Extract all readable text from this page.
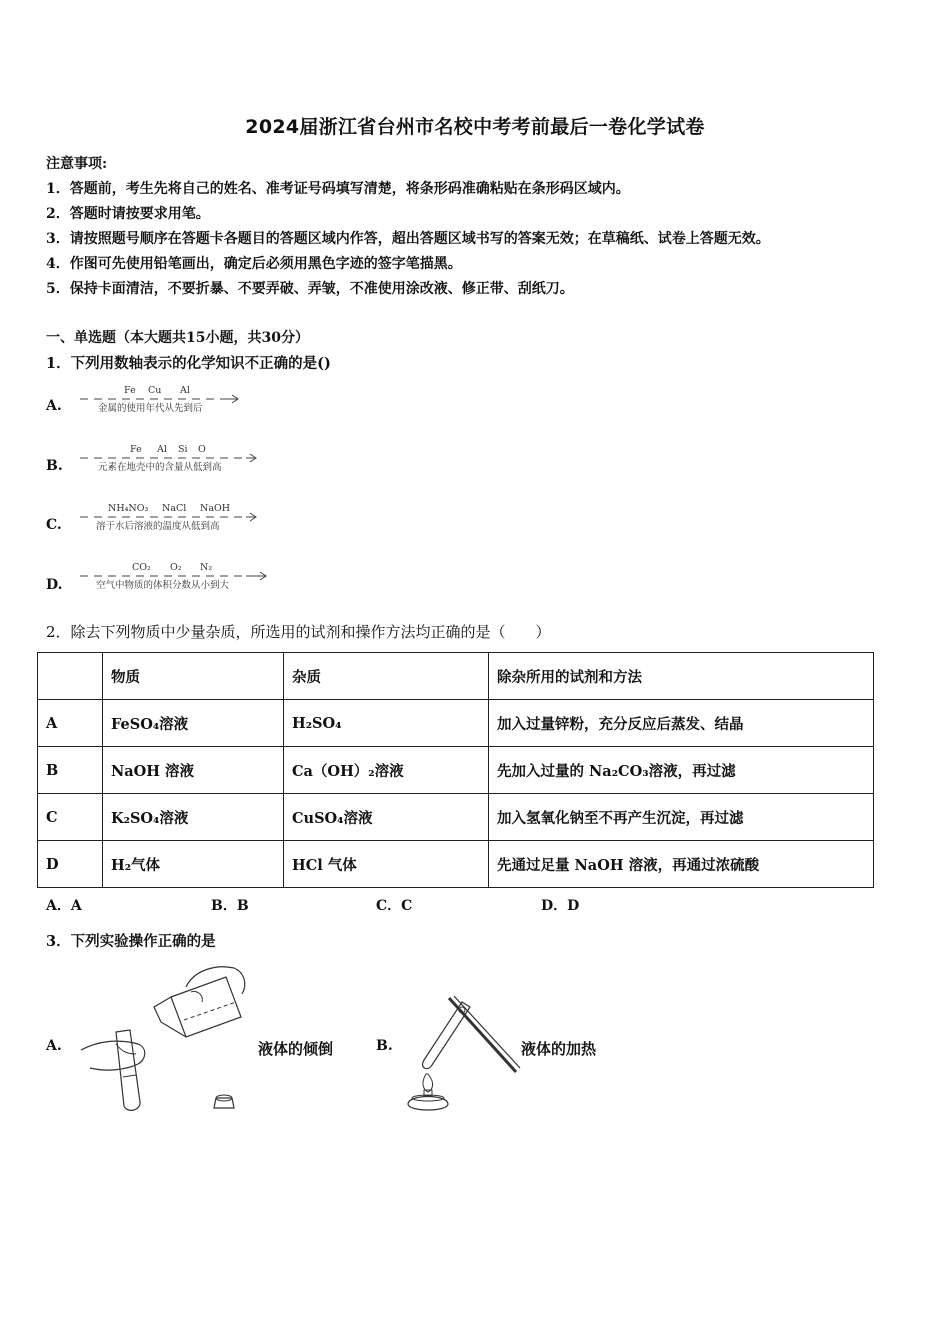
2024届浙江省台州市名校中考考前最后一卷化学试卷
注意事项:
1．答题前，考生先将自己的姓名、准考证号码填写清楚，将条形码准确粘贴在条形码区域内。
2．答题时请按要求用笔。
3．请按照题号顺序在答题卡各题目的答题区域内作答，超出答题区域书写的答案无效；在草稿纸、试卷上答题无效。
4．作图可先使用铅笔画出，确定后必须用黑色字迹的签字笔描黑。
5．保持卡面清洁，不要折暴、不要弄破、弄皱，不准使用涂改液、修正带、刮纸刀。
一、单选题（本大题共15小题，共30分）
1．下列用数轴表示的化学知识不正确的是()
A.
Fe Cu Al
金属的使用年代从先到后
B.
Fe Al Si O
元素在地壳中的含量从低到高
C.
NH₄NO₃ NaCl NaOH
溶于水后溶液的温度从低到高
D.
CO₂ O₂ N₂
空气中物质的体积分数从小到大
2．除去下列物质中少量杂质，所选用的试剂和操作方法均正确的是（　　）
	物质	杂质	除杂所用的试剂和方法
A	FeSO₄溶液	H₂SO₄	加入过量锌粉，充分反应后蒸发、结晶
B	NaOH 溶液	Ca（OH）₂溶液	先加入过量的 Na₂CO₃溶液，再过滤
C	K₂SO₄溶液	CuSO₄溶液	加入氢氧化钠至不再产生沉淀，再过滤
D	H₂气体	HCl 气体	先通过足量 NaOH 溶液，再通过浓硫酸
A．A	B．B	C．C	D．D
3．下列实验操作正确的是
A.	液体的倾倒	B.	液体的加热
